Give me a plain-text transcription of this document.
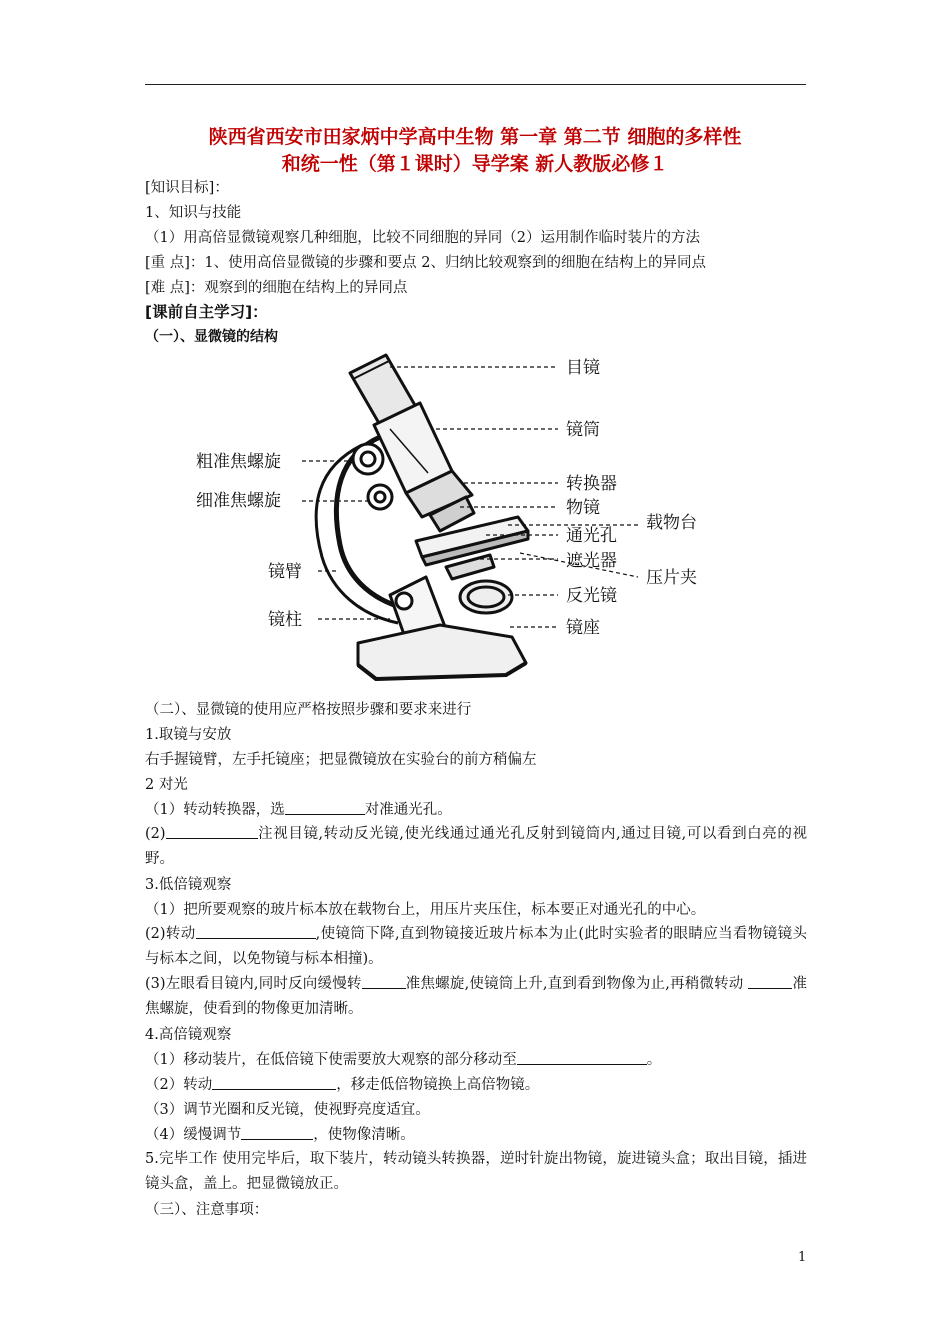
陕西省西安市田家炳中学高中生物 第一章 第二节 细胞的多样性
和统一性（第１课时）导学案 新人教版必修１
[知识目标]：
1、知识与技能
（1）用高倍显微镜观察几种细胞，比较不同细胞的异同（2）运用制作临时装片的方法
[重 点]：1、使用高倍显微镜的步骤和要点 2、归纳比较观察到的细胞在结构上的异同点
[难 点]：观察到的细胞在结构上的异同点
[课前自主学习]：
（一）、显微镜的结构
粗准焦螺旋
细准焦螺旋
镜臂
镜柱
目镜
镜筒
转换器
物镜
通光孔
遮光器
反光镜
镜座
载物台
压片夹
（二）、显微镜的使用应严格按照步骤和要求来进行
1.取镜与安放
右手握镜臂，左手托镜座；把显微镜放在实验台的前方稍偏左
2 对光
（1）转动转换器，选	对准通光孔。
(2)	注视目镜,转动反光镜,使光线通过通光孔反射到镜筒内,通过目镜,可以看到白亮的视野。
3.低倍镜观察
（1）把所要观察的玻片标本放在载物台上，用压片夹压住，标本要正对通光孔的中心。
(2)转动	,使镜筒下降,直到物镜接近玻片标本为止(此时实验者的眼睛应当看物镜镜头与标本之间，以免物镜与标本相撞)。
(3)左眼看目镜内,同时反向缓慢转	准焦螺旋,使镜筒上升,直到看到物像为止,再稍微转动	准焦螺旋，使看到的物像更加清晰。
4.高倍镜观察
（1）移动装片，在低倍镜下使需要放大观察的部分移动至	。
（2）转动	，移走低倍物镜换上高倍物镜。
（3）调节光圈和反光镜，使视野亮度适宜。
（4）缓慢调节	，使物像清晰。
5.完毕工作 使用完毕后，取下装片，转动镜头转换器，逆时针旋出物镜，旋进镜头盒；取出目镜，插进镜头盒，盖上。把显微镜放正。
（三）、注意事项：
1
